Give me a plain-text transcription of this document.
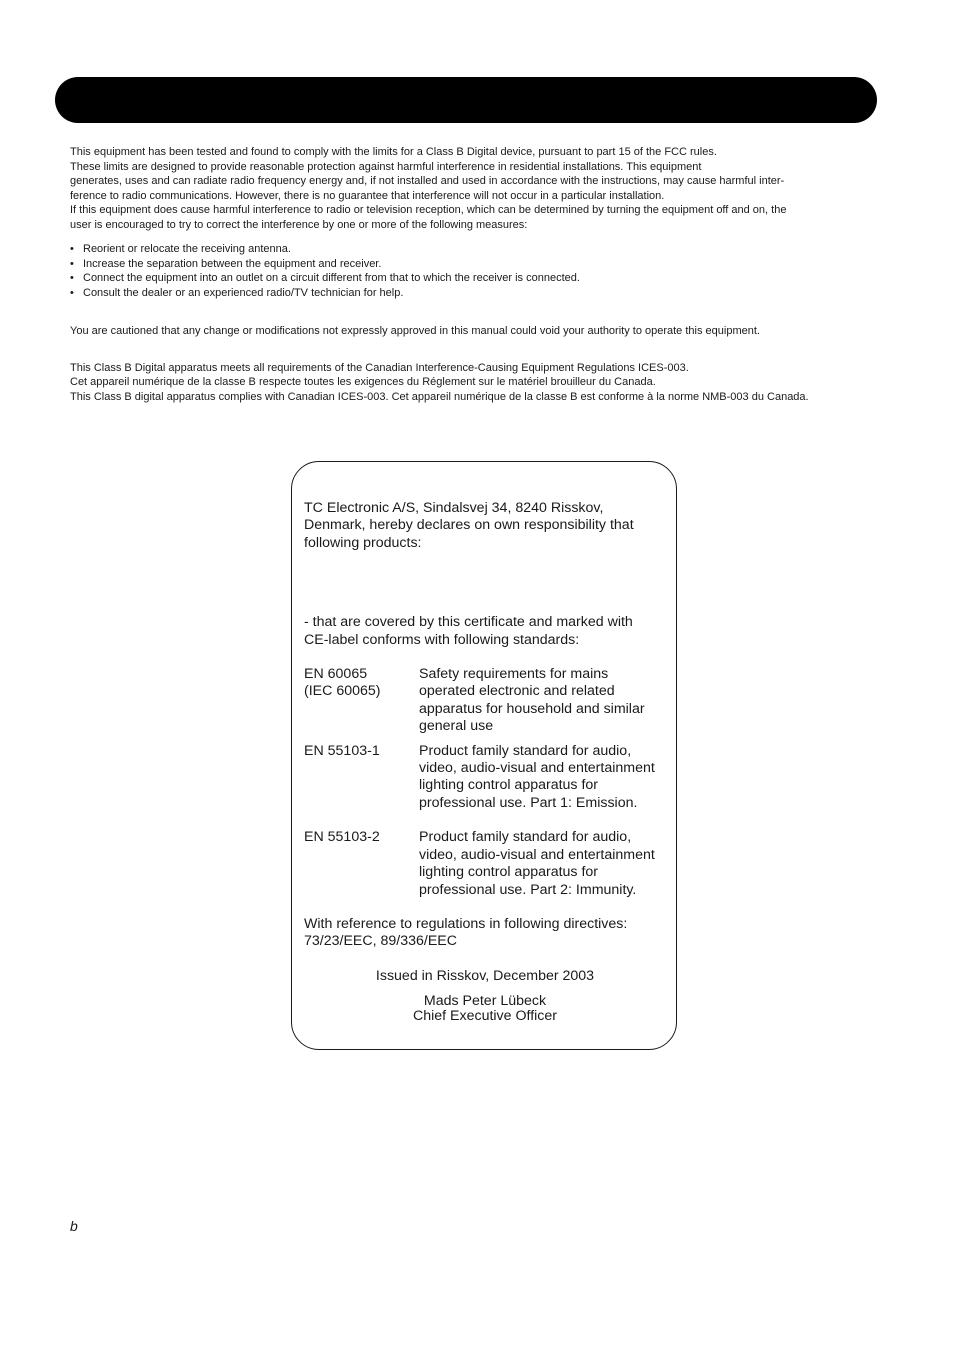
This equipment has been tested and found to comply with the limits for a Class B Digital device, pursuant to part 15 of the FCC rules.
These limits are designed to provide reasonable protection against harmful interference in residential installations. This equipment
generates, uses and can radiate radio frequency energy and, if not installed and used in accordance with the instructions, may cause harmful inter-
ference to radio communications. However, there is no guarantee that interference will not occur in a particular installation.
If this equipment does cause harmful interference to radio or television reception, which can be determined by turning the equipment off and on, the
user is encouraged to try to correct the interference by one or more of the following measures:

• Reorient or relocate the receiving antenna.
• Increase the separation between the equipment and receiver.
• Connect the equipment into an outlet on a circuit different from that to which the receiver is connected.
• Consult the dealer or an experienced radio/TV technician for help.

You are cautioned that any change or modifications not expressly approved in this manual could void your authority to operate this equipment.

This Class B Digital apparatus meets all requirements of the Canadian Interference-Causing Equipment Regulations ICES-003.
Cet appareil numérique de la classe B respecte toutes les exigences du Réglement sur le matériel brouilleur du Canada.
This Class B digital apparatus complies with Canadian ICES-003. Cet appareil numérique de la classe B est conforme à la norme NMB-003 du Canada.

TC Electronic A/S, Sindalsvej 34, 8240 Risskov,
Denmark, hereby declares on own responsibility that
following products:

- that are covered by this certificate and marked with
CE-label conforms with following standards:

EN 60065
(IEC 60065)
Safety requirements for mains
operated electronic and related
apparatus for household and similar
general use
EN 55103-1	Product family standard for audio,
video, audio-visual and entertainment
lighting control apparatus for
professional use. Part 1: Emission.
EN 55103-2	Product family standard for audio,
video, audio-visual and entertainment
lighting control apparatus for
professional use. Part 2: Immunity.

With reference to regulations in following directives:
73/23/EEC, 89/336/EEC

Issued in Risskov, December 2003

Mads Peter Lübeck
Chief Executive Officer

b
